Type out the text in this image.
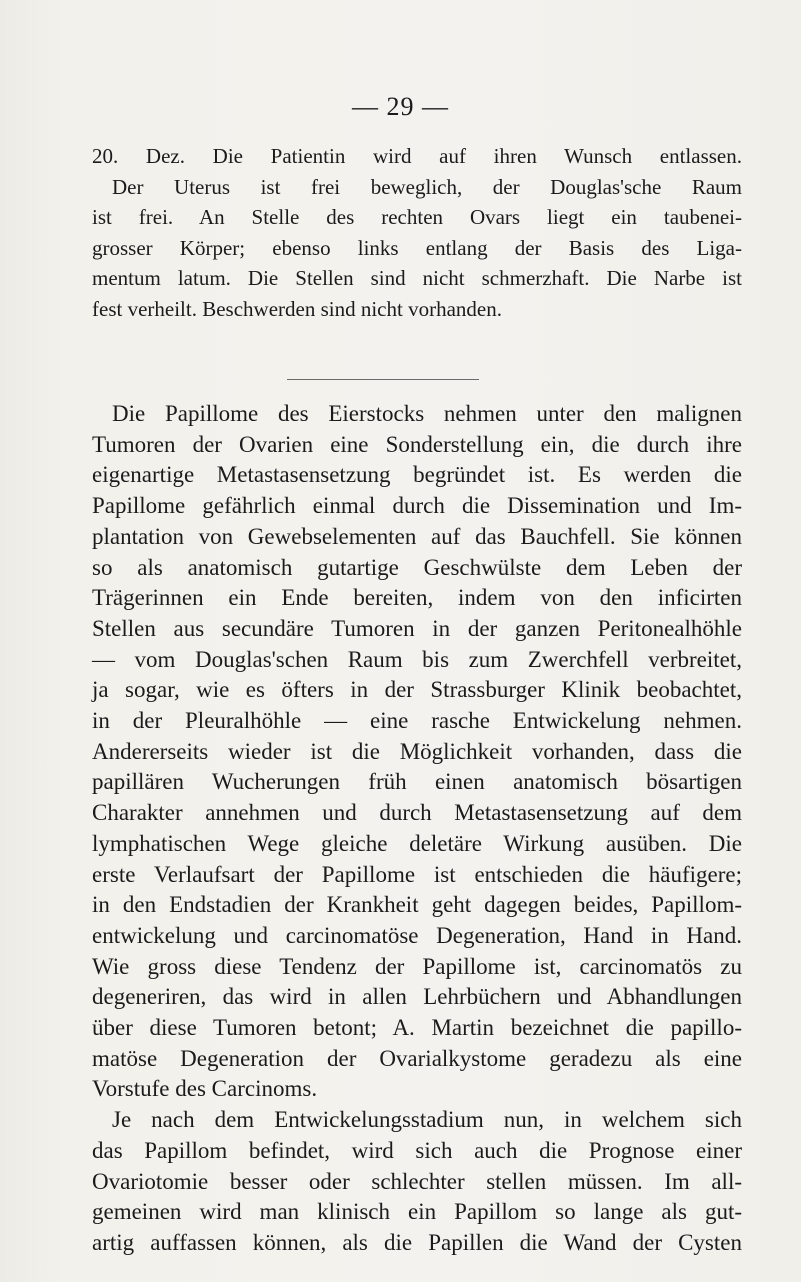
— 29 —
20. Dez. Die Patientin wird auf ihren Wunsch entlassen.
Der Uterus ist frei beweglich, der Douglas'sche Raum
ist frei. An Stelle des rechten Ovars liegt ein taubenei-
grosser Körper; ebenso links entlang der Basis des Liga-
mentum latum. Die Stellen sind nicht schmerzhaft. Die Narbe ist
fest verheilt. Beschwerden sind nicht vorhanden.
Die Papillome des Eierstocks nehmen unter den malignen
Tumoren der Ovarien eine Sonderstellung ein, die durch ihre
eigenartige Metastasensetzung begründet ist. Es werden die
Papillome gefährlich einmal durch die Dissemination und Im-
plantation von Gewebselementen auf das Bauchfell. Sie können
so als anatomisch gutartige Geschwülste dem Leben der
Trägerinnen ein Ende bereiten, indem von den inficirten
Stellen aus secundäre Tumoren in der ganzen Peritonealhöhle
— vom Douglas'schen Raum bis zum Zwerchfell verbreitet,
ja sogar, wie es öfters in der Strassburger Klinik beobachtet,
in der Pleuralhöhle — eine rasche Entwickelung nehmen.
Andererseits wieder ist die Möglichkeit vorhanden, dass die
papillären Wucherungen früh einen anatomisch bösartigen
Charakter annehmen und durch Metastasensetzung auf dem
lymphatischen Wege gleiche deletäre Wirkung ausüben. Die
erste Verlaufsart der Papillome ist entschieden die häufigere;
in den Endstadien der Krankheit geht dagegen beides, Papillom-
entwickelung und carcinomatöse Degeneration, Hand in Hand.
Wie gross diese Tendenz der Papillome ist, carcinomatös zu
degeneriren, das wird in allen Lehrbüchern und Abhandlungen
über diese Tumoren betont; A. Martin bezeichnet die papillo-
matöse Degeneration der Ovarialkystome geradezu als eine
Vorstufe des Carcinoms.
Je nach dem Entwickelungsstadium nun, in welchem sich
das Papillom befindet, wird sich auch die Prognose einer
Ovariotomie besser oder schlechter stellen müssen. Im all-
gemeinen wird man klinisch ein Papillom so lange als gut-
artig auffassen können, als die Papillen die Wand der Cysten
